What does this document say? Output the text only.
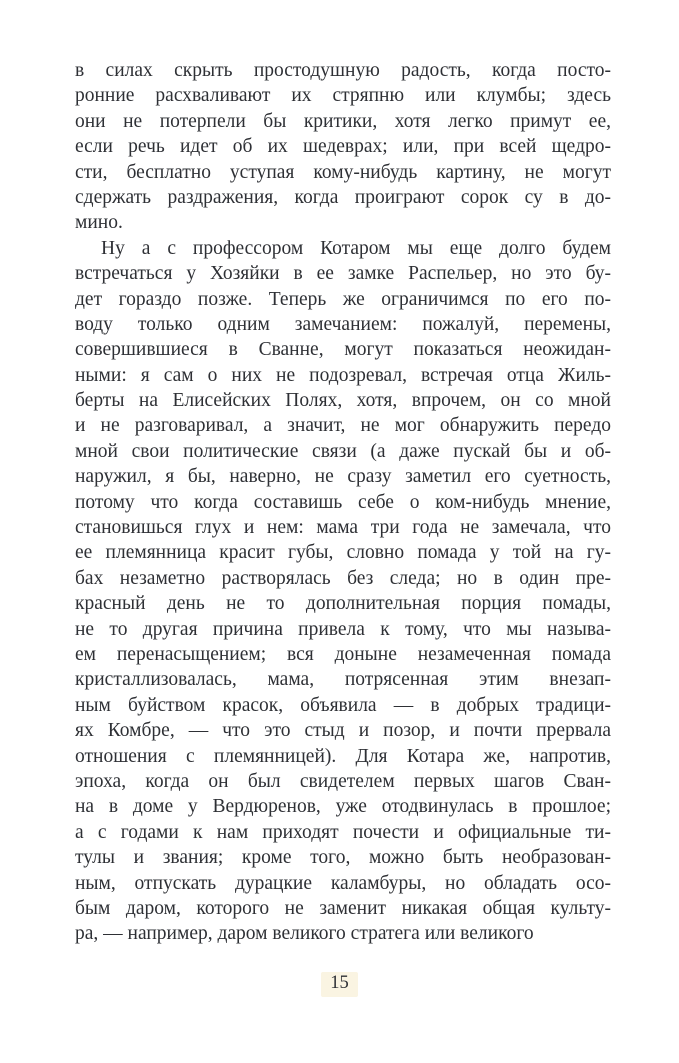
в силах скрыть простодушную радость, когда посто-
ронние расхваливают их стряпню или клумбы; здесь
они не потерпели бы критики, хотя легко примут ее,
если речь идет об их шедеврах; или, при всей щедро-
сти, бесплатно уступая кому-нибудь картину, не могут
сдержать раздражения, когда проиграют сорок су в до-
мино.
Ну а с профессором Котаром мы еще долго будем
встречаться у Хозяйки в ее замке Распельер, но это бу-
дет гораздо позже. Теперь же ограничимся по его по-
воду только одним замечанием: пожалуй, перемены,
совершившиеся в Сванне, могут показаться неожидан-
ными: я сам о них не подозревал, встречая отца Жиль-
берты на Елисейских Полях, хотя, впрочем, он со мной
и не разговаривал, а значит, не мог обнаружить передо
мной свои политические связи (а даже пускай бы и об-
наружил, я бы, наверно, не сразу заметил его суетность,
потому что когда составишь себе о ком-нибудь мнение,
становишься глух и нем: мама три года не замечала, что
ее племянница красит губы, словно помада у той на гу-
бах незаметно растворялась без следа; но в один пре-
красный день не то дополнительная порция помады,
не то другая причина привела к тому, что мы называ-
ем перенасыщением; вся доныне незамеченная помада
кристаллизовалась, мама, потрясенная этим внезап-
ным буйством красок, объявила — в добрых традици-
ях Комбре, — что это стыд и позор, и почти прервала
отношения с племянницей). Для Котара же, напротив,
эпоха, когда он был свидетелем первых шагов Сван-
на в доме у Вердюренов, уже отодвинулась в прошлое;
а с годами к нам приходят почести и официальные ти-
тулы и звания; кроме того, можно быть необразован-
ным, отпускать дурацкие каламбуры, но обладать осо-
бым даром, которого не заменит никакая общая культу-
ра, — например, даром великого стратега или великого
15
